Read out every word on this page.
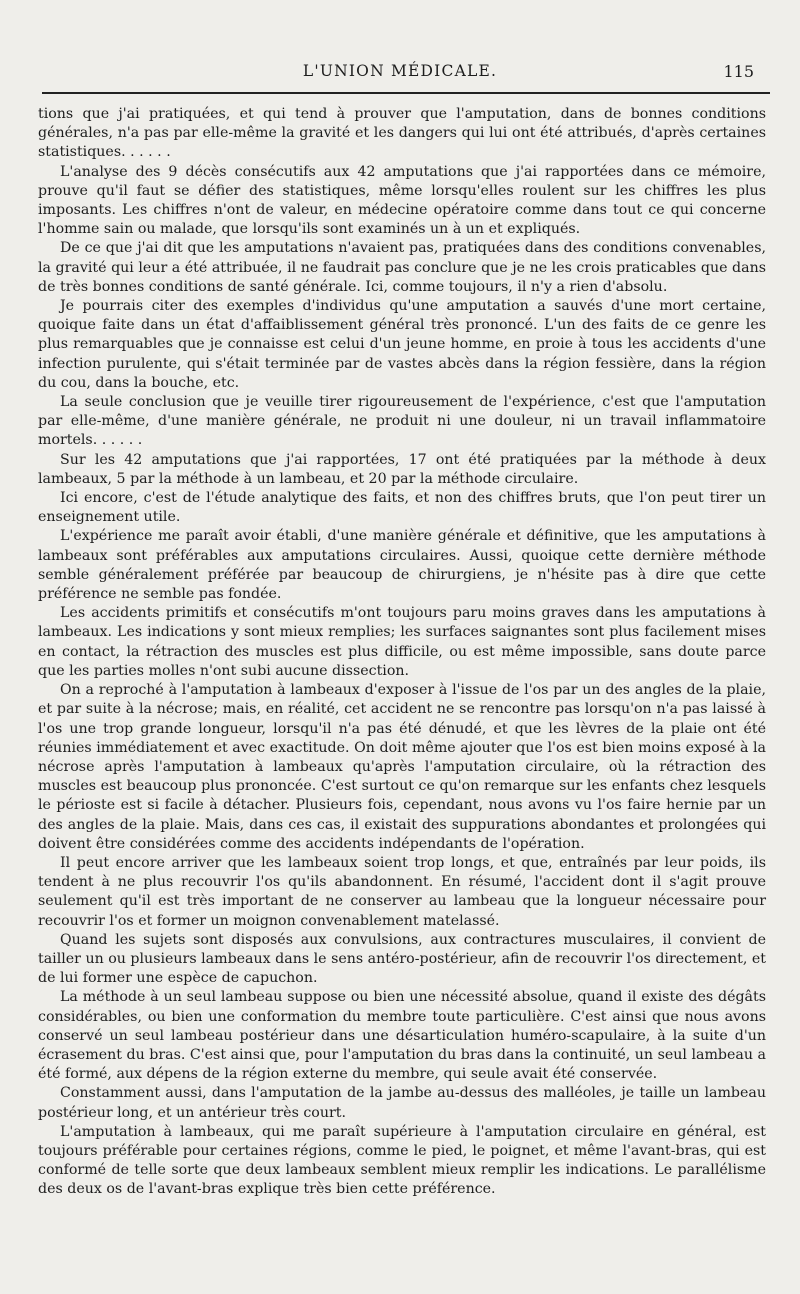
L'UNION MÉDICALE.	115

tions que j'ai pratiquées, et qui tend à prouver que l'amputation, dans de bonnes conditions générales, n'a pas par elle-même la gravité et les dangers qui lui ont été attribués, d'après certaines statistiques. . . . . .

L'analyse des 9 décès consécutifs aux 42 amputations que j'ai rapportées dans ce mémoire, prouve qu'il faut se défier des statistiques, même lorsqu'elles roulent sur les chiffres les plus imposants. Les chiffres n'ont de valeur, en médecine opératoire comme dans tout ce qui concerne l'homme sain ou malade, que lorsqu'ils sont examinés un à un et expliqués.

De ce que j'ai dit que les amputations n'avaient pas, pratiquées dans des conditions convenables, la gravité qui leur a été attribuée, il ne faudrait pas conclure que je ne les crois praticables que dans de très bonnes conditions de santé générale. Ici, comme toujours, il n'y a rien d'absolu.

Je pourrais citer des exemples d'individus qu'une amputation a sauvés d'une mort certaine, quoique faite dans un état d'affaiblissement général très prononcé. L'un des faits de ce genre les plus remarquables que je connaisse est celui d'un jeune homme, en proie à tous les accidents d'une infection purulente, qui s'était terminée par de vastes abcès dans la région fessière, dans la région du cou, dans la bouche, etc.

La seule conclusion que je veuille tirer rigoureusement de l'expérience, c'est que l'amputation par elle-même, d'une manière générale, ne produit ni une douleur, ni un travail inflammatoire mortels. . . . . .

Sur les 42 amputations que j'ai rapportées, 17 ont été pratiquées par la méthode à deux lambeaux, 5 par la méthode à un lambeau, et 20 par la méthode circulaire.

Ici encore, c'est de l'étude analytique des faits, et non des chiffres bruts, que l'on peut tirer un enseignement utile.

L'expérience me paraît avoir établi, d'une manière générale et définitive, que les amputations à lambeaux sont préférables aux amputations circulaires. Aussi, quoique cette dernière méthode semble généralement préférée par beaucoup de chirurgiens, je n'hésite pas à dire que cette préférence ne semble pas fondée.

Les accidents primitifs et consécutifs m'ont toujours paru moins graves dans les amputations à lambeaux. Les indications y sont mieux remplies; les surfaces saignantes sont plus facilement mises en contact, la rétraction des muscles est plus difficile, ou est même impossible, sans doute parce que les parties molles n'ont subi aucune dissection.

On a reproché à l'amputation à lambeaux d'exposer à l'issue de l'os par un des angles de la plaie, et par suite à la nécrose; mais, en réalité, cet accident ne se rencontre pas lorsqu'on n'a pas laissé à l'os une trop grande longueur, lorsqu'il n'a pas été dénudé, et que les lèvres de la plaie ont été réunies immédiatement et avec exactitude. On doit même ajouter que l'os est bien moins exposé à la nécrose après l'amputation à lambeaux qu'après l'amputation circulaire, où la rétraction des muscles est beaucoup plus prononcée. C'est surtout ce qu'on remarque sur les enfants chez lesquels le périoste est si facile à détacher. Plusieurs fois, cependant, nous avons vu l'os faire hernie par un des angles de la plaie. Mais, dans ces cas, il existait des suppurations abondantes et prolongées qui doivent être considérées comme des accidents indépendants de l'opération.

Il peut encore arriver que les lambeaux soient trop longs, et que, entraînés par leur poids, ils tendent à ne plus recouvrir l'os qu'ils abandonnent. En résumé, l'accident dont il s'agit prouve seulement qu'il est très important de ne conserver au lambeau que la longueur nécessaire pour recouvrir l'os et former un moignon convenablement matelassé.

Quand les sujets sont disposés aux convulsions, aux contractures musculaires, il convient de tailler un ou plusieurs lambeaux dans le sens antéro-postérieur, afin de recouvrir l'os directement, et de lui former une espèce de capuchon.

La méthode à un seul lambeau suppose ou bien une nécessité absolue, quand il existe des dégâts considérables, ou bien une conformation du membre toute particulière. C'est ainsi que nous avons conservé un seul lambeau postérieur dans une désarticulation huméro-scapulaire, à la suite d'un écrasement du bras. C'est ainsi que, pour l'amputation du bras dans la continuité, un seul lambeau a été formé, aux dépens de la région externe du membre, qui seule avait été conservée.

Constamment aussi, dans l'amputation de la jambe au-dessus des malléoles, je taille un lambeau postérieur long, et un antérieur très court.

L'amputation à lambeaux, qui me paraît supérieure à l'amputation circulaire en général, est toujours préférable pour certaines régions, comme le pied, le poignet, et même l'avant-bras, qui est conformé de telle sorte que deux lambeaux semblent mieux remplir les indications. Le parallélisme des deux os de l'avant-bras explique très bien cette préférence.
